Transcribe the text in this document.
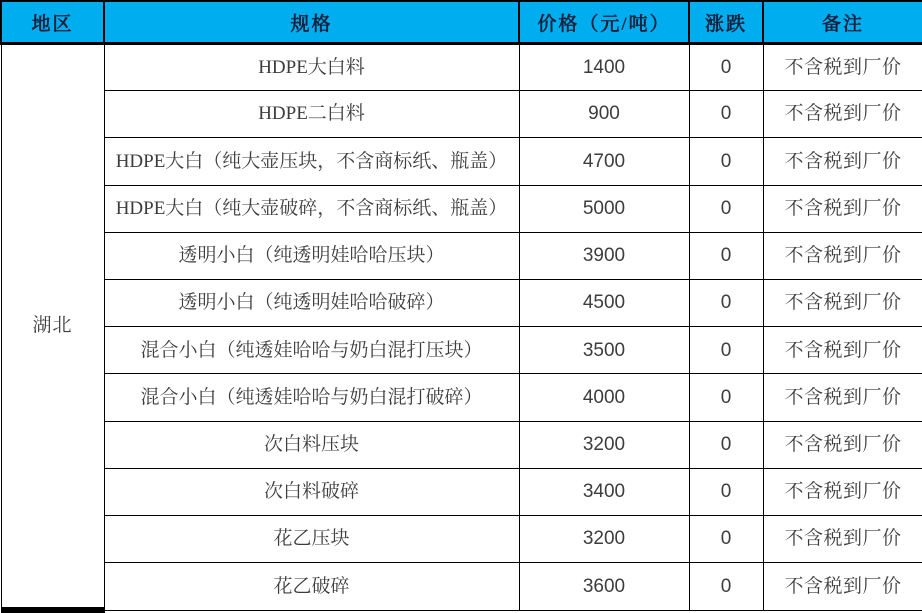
地区	规格	价格（元/吨）	涨跌	备注
湖北	HDPE大白料	1400	0	不含税到厂价
	HDPE二白料	900	0	不含税到厂价
	HDPE大白（纯大壶压块，不含商标纸、瓶盖）	4700	0	不含税到厂价
	HDPE大白（纯大壶破碎，不含商标纸、瓶盖）	5000	0	不含税到厂价
	透明小白（纯透明娃哈哈压块）	3900	0	不含税到厂价
	透明小白（纯透明娃哈哈破碎）	4500	0	不含税到厂价
	混合小白（纯透娃哈哈与奶白混打压块）	3500	0	不含税到厂价
	混合小白（纯透娃哈哈与奶白混打破碎）	4000	0	不含税到厂价
	次白料压块	3200	0	不含税到厂价
	次白料破碎	3400	0	不含税到厂价
	花乙压块	3200	0	不含税到厂价
	花乙破碎	3600	0	不含税到厂价
